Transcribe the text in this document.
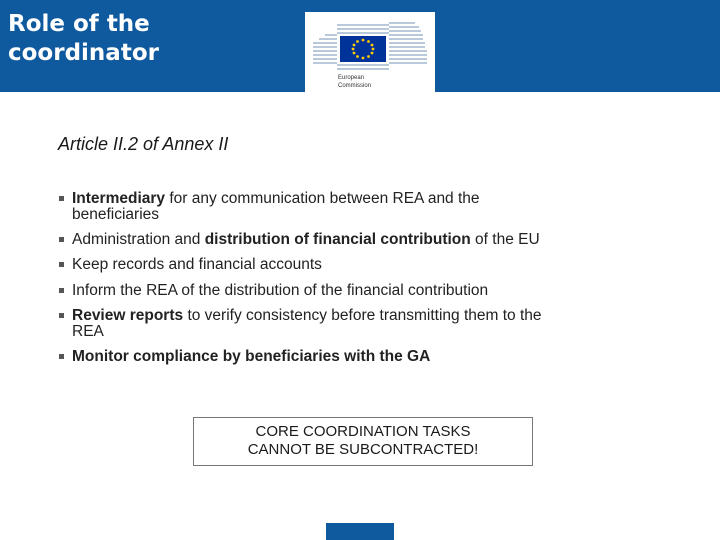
Role of the
coordinator
European
Commission
Article II.2 of Annex II
Intermediary for any communication between REA and the
beneficiaries
Administration and distribution of financial contribution of the EU
Keep records and financial accounts
Inform the REA of the distribution of the financial contribution
Review reports to verify consistency before transmitting them to the
REA
Monitor compliance by beneficiaries with the GA
CORE COORDINATION TASKS
CANNOT BE SUBCONTRACTED!
